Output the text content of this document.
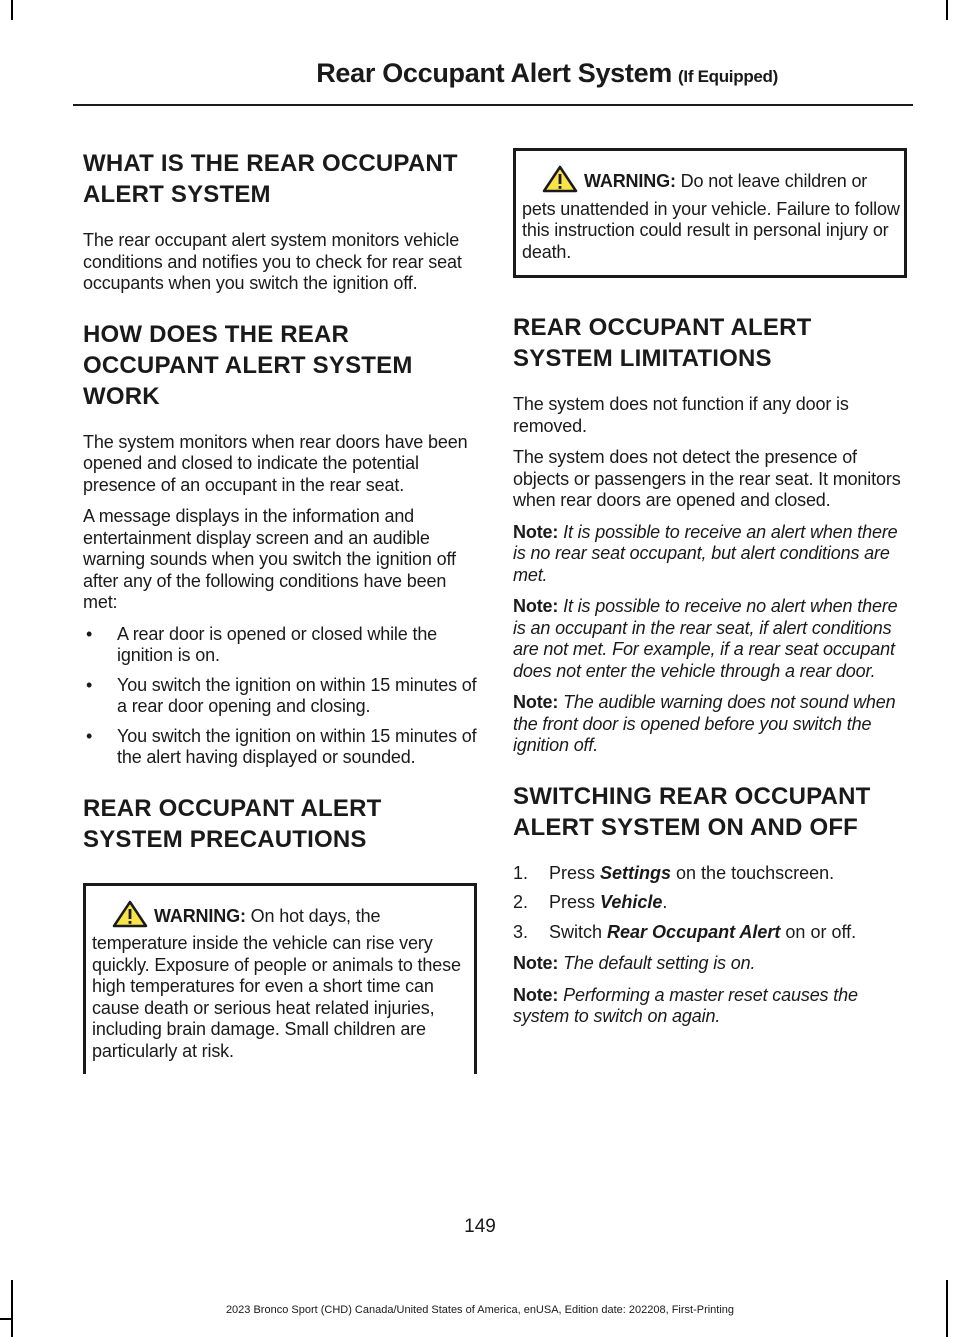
Rear Occupant Alert System (If Equipped)
WHAT IS THE REAR OCCUPANT ALERT SYSTEM

The rear occupant alert system monitors vehicle conditions and notifies you to check for rear seat occupants when you switch the ignition off.

HOW DOES THE REAR OCCUPANT ALERT SYSTEM WORK

The system monitors when rear doors have been opened and closed to indicate the potential presence of an occupant in the rear seat.

A message displays in the information and entertainment display screen and an audible warning sounds when you switch the ignition off after any of the following conditions have been met:

• A rear door is opened or closed while the ignition is on.
• You switch the ignition on within 15 minutes of a rear door opening and closing.
• You switch the ignition on within 15 minutes of the alert having displayed or sounded.
REAR OCCUPANT ALERT SYSTEM PRECAUTIONS

WARNING: On hot days, the temperature inside the vehicle can rise very quickly. Exposure of people or animals to these high temperatures for even a short time can cause death or serious heat related injuries, including brain damage. Small children are particularly at risk.

WARNING: Do not leave children or pets unattended in your vehicle. Failure to follow this instruction could result in personal injury or death.

REAR OCCUPANT ALERT SYSTEM LIMITATIONS

The system does not function if any door is removed.

The system does not detect the presence of objects or passengers in the rear seat. It monitors when rear doors are opened and closed.

Note: It is possible to receive an alert when there is no rear seat occupant, but alert conditions are met.

Note: It is possible to receive no alert when there is an occupant in the rear seat, if alert conditions are not met. For example, if a rear seat occupant does not enter the vehicle through a rear door.

Note: The audible warning does not sound when the front door is opened before you switch the ignition off.

SWITCHING REAR OCCUPANT ALERT SYSTEM ON AND OFF
1. Press Settings on the touchscreen.
2. Press Vehicle.
3. Switch Rear Occupant Alert on or off.

Note: The default setting is on.

Note: Performing a master reset causes the system to switch on again.

149
2023 Bronco Sport (CHD) Canada/United States of America, enUSA, Edition date: 202208, First-Printing
